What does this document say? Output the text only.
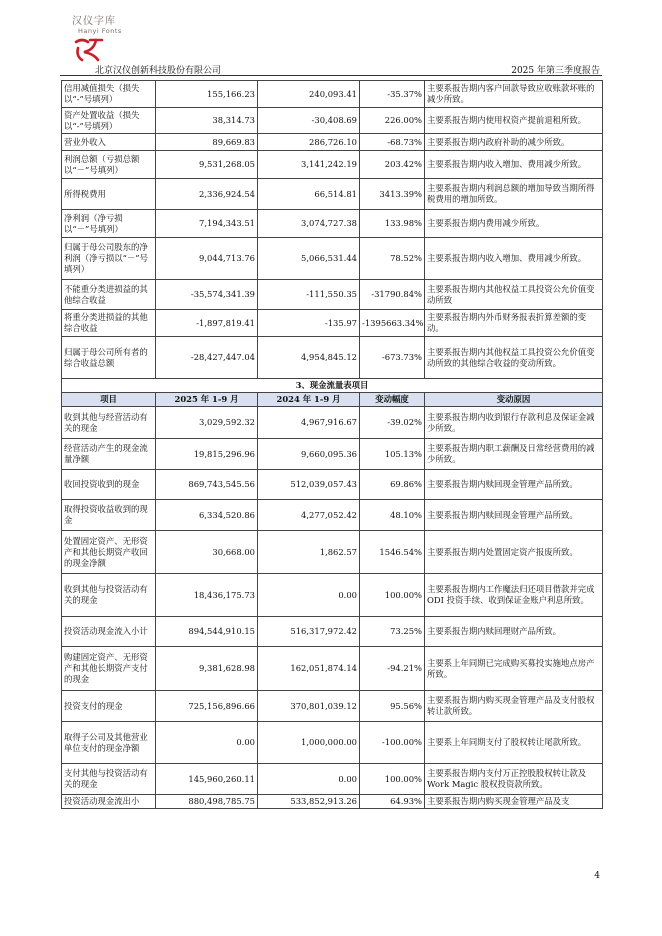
汉仪字库
Hanyi Fonts
北京汉仪创新科技股份有限公司	2025 年第三季度报告
信用减值损失（损失以“-”号填列）	155,166.23	240,093.41	-35.37%	主要系报告期内客户回款导致应收账款坏账的减少所致。
资产处置收益（损失以“-”号填列）	38,314.73	-30,408.69	226.00%	主要系报告期内使用权资产提前退租所致。
营业外收入	89,669.83	286,726.10	-68.73%	主要系报告期内政府补助的减少所致。
利润总额（亏损总额以“－”号填列）	9,531,268.05	3,141,242.19	203.42%	主要系报告期内收入增加、费用减少所致。
所得税费用	2,336,924.54	66,514.81	3413.39%	主要系报告期内利润总额的增加导致当期所得税费用的增加所致。
净利润（净亏损以“－”号填列）	7,194,343.51	3,074,727.38	133.98%	主要系报告期内费用减少所致。
归属于母公司股东的净利润（净亏损以“－”号填列）	9,044,713.76	5,066,531.44	78.52%	主要系报告期内收入增加、费用减少所致。
不能重分类进损益的其他综合收益	-35,574,341.39	-111,550.35	-31790.84%	主要系报告期内其他权益工具投资公允价值变动所致
将重分类进损益的其他综合收益	-1,897,819.41	-135.97	-1395663.34%	主要系报告期内外币财务报表折算差额的变动。
归属于母公司所有者的综合收益总额	-28,427,447.04	4,954,845.12	-673.73%	主要系报告期内其他权益工具投资公允价值变动所致的其他综合收益的变动所致。
3、现金流量表项目				
项目	2025 年 1-9 月	2024 年 1-9 月	变动幅度	变动原因
收到其他与经营活动有关的现金	3,029,592.32	4,967,916.67	-39.02%	主要系报告期内收到银行存款利息及保证金减少所致。
经营活动产生的现金流量净额	19,815,296.96	9,660,095.36	105.13%	主要系报告期内职工薪酬及日常经营费用的减少所致。
收回投资收到的现金	869,743,545.56	512,039,057.43	69.86%	主要系报告期内赎回现金管理产品所致。
取得投资收益收到的现金	6,334,520.86	4,277,052.42	48.10%	主要系报告期内赎回现金管理产品所致。
处置固定资产、无形资产和其他长期资产收回的现金净额	30,668.00	1,862.57	1546.54%	主要系报告期内处置固定资产报废所致。
收到其他与投资活动有关的现金	18,436,175.73	0.00	100.00%	主要系报告期内工作魔法归还项目借款并完成 ODI 投资手续、收到保证金账户利息所致。
投资活动现金流入小计	894,544,910.15	516,317,972.42	73.25%	主要系报告期内赎回理财产品所致。
购建固定资产、无形资产和其他长期资产支付的现金	9,381,628.98	162,051,874.14	-94.21%	主要系上年同期已完成购买募投实施地点房产所致。
投资支付的现金	725,156,896.66	370,801,039.12	95.56%	主要系报告期内购买现金管理产品及支付股权转让款所致。
取得子公司及其他营业单位支付的现金净额	0.00	1,000,000.00	-100.00%	主要系上年同期支付了股权转让尾款所致。
支付其他与投资活动有关的现金	145,960,260.11	0.00	100.00%	主要系报告期内支付万正控股股权转让款及 Work Magic 股权投资款所致。
投资活动现金流出小	880,498,785.75	533,852,913.26	64.93%	主要系报告期内购买现金管理产品及支
4
